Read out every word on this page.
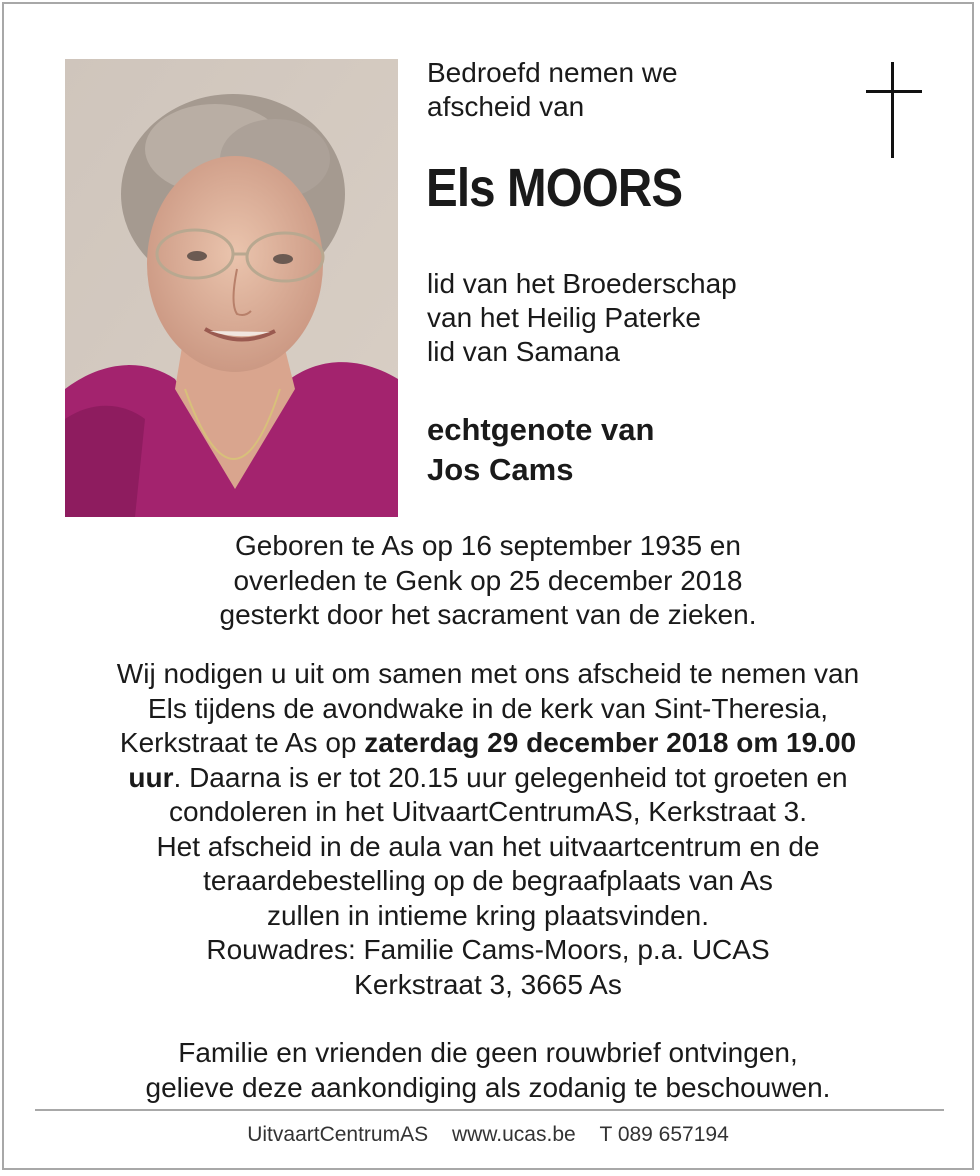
Bedroefd nemen we
afscheid van
Els MOORS
lid van het Broederschap
van het Heilig Paterke
lid van Samana
echtgenote van
Jos Cams
Geboren te As op 16 september 1935 en
overleden te Genk op 25 december 2018
gesterkt door het sacrament van de zieken.
Wij nodigen u uit om samen met ons afscheid te nemen van
Els tijdens de avondwake in de kerk van Sint-Theresia,
Kerkstraat te As op zaterdag 29 december 2018 om 19.00
uur. Daarna is er tot 20.15 uur gelegenheid tot groeten en
condoleren in het UitvaartCentrumAS, Kerkstraat 3.
Het afscheid in de aula van het uitvaartcentrum en de
teraardebestelling op de begraafplaats van As
zullen in intieme kring plaatsvinden.
Rouwadres: Familie Cams-Moors, p.a. UCAS
Kerkstraat 3, 3665 As
Familie en vrienden die geen rouwbrief ontvingen,
gelieve deze aankondiging als zodanig te beschouwen.
UitvaartCentrumAS www.ucas.be T 089 657194
